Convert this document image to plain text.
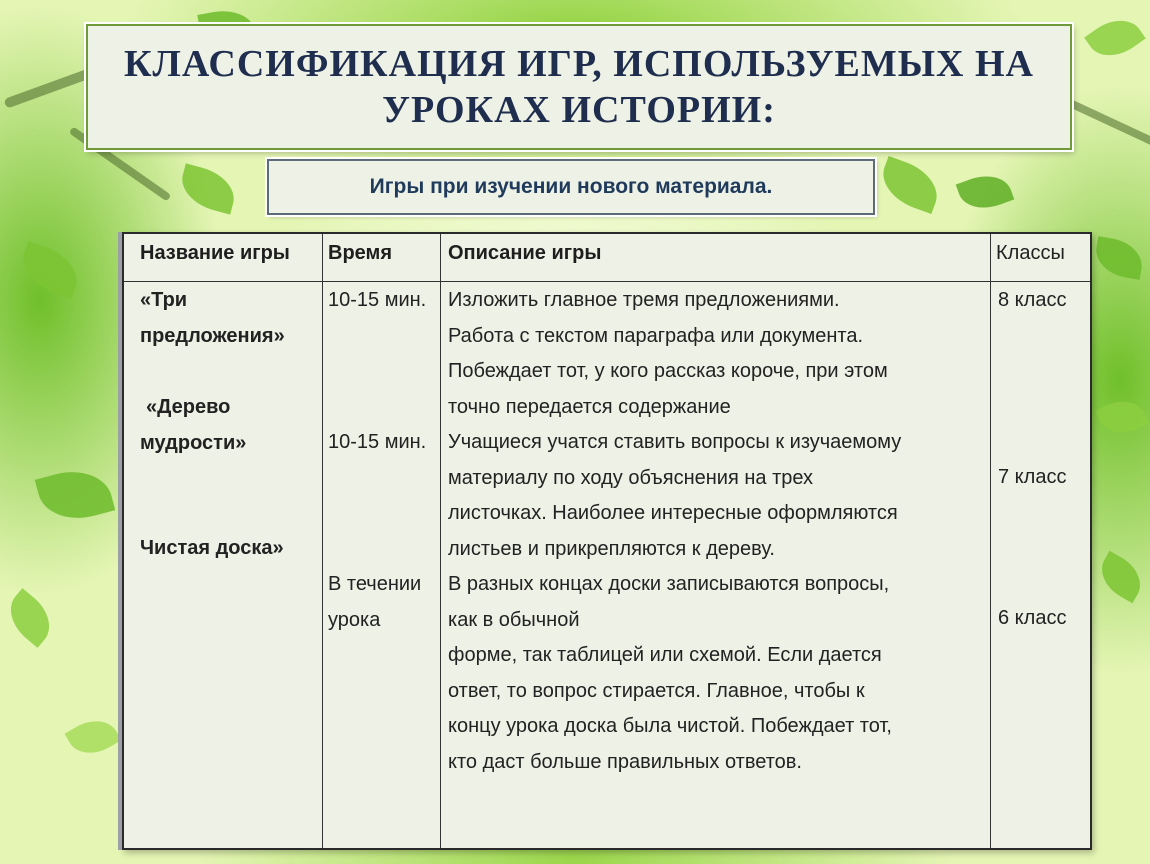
КЛАССИФИКАЦИЯ ИГР, ИСПОЛЬЗУЕМЫХ НА УРОКАХ ИСТОРИИ:
Игры при изучении нового материала.
Название игры Время	Описание игры	Классы
«Три предложения»
«Дерево мудрости»
Чистая доска»
10-15 мин.
10-15 мин.
В течении урока
Изложить главное тремя предложениями.
Работа с текстом параграфа или документа.
Побеждает тот, у кого рассказ короче, при этом
точно передается содержание
Учащиеся учатся ставить вопросы к изучаемому
материалу по ходу объяснения на трех
листочках. Наиболее интересные оформляются
листьев и прикрепляются к дереву.
В разных концах доски записываются вопросы,
как в обычной
форме, так таблицей или схемой. Если дается
ответ, то вопрос стирается. Главное, чтобы к
концу урока доска была чистой. Побеждает тот,
кто даст больше правильных ответов.
8 класс
7 класс
6 класс
